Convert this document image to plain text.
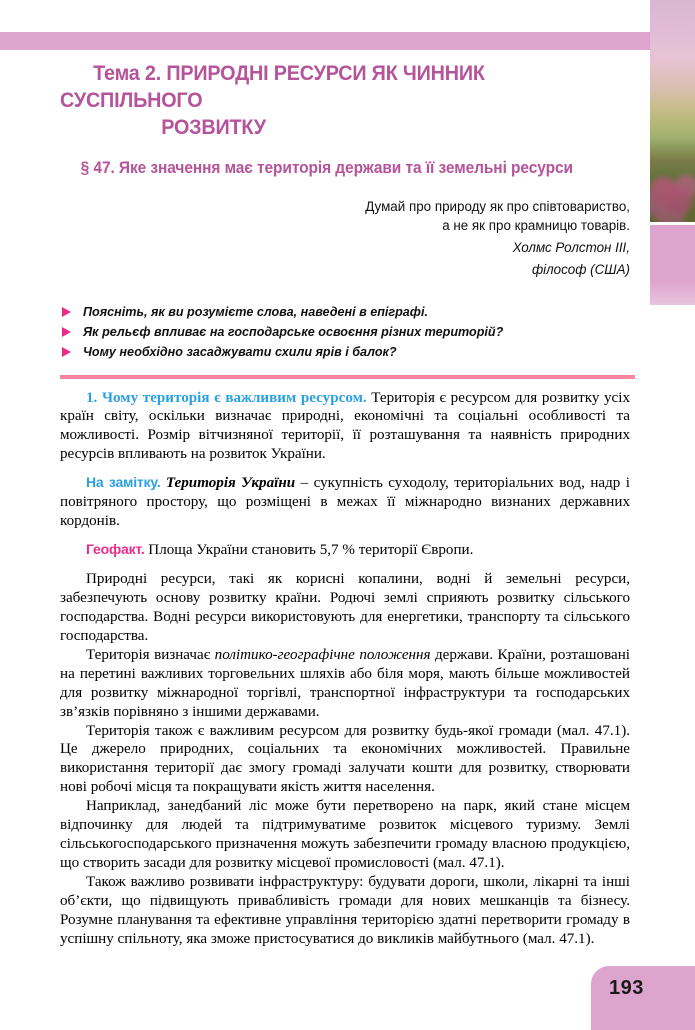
Тема 2. ПРИРОДНІ РЕСУРСИ ЯК ЧИННИК СУСПІЛЬНОГО
РОЗВИТКУ
§ 47. Яке значення має територія держави та її земельні ресурси
Думай про природу як про співтовариство,
а не як про крамницю товарів.
Холмс Ролстон III,
філософ (США)
Поясніть, як ви розумієте слова, наведені в епіграфі.
Як рельєф впливає на господарське освоєння різних територій?
Чому необхідно засаджувати схили ярів і балок?

1. Чому територія є важливим ресурсом. Територія є ресурсом для розвитку усіх країн світу, оскільки визначає природні, економічні та соціальні особливості та можливості. Розмір вітчизняної території, її розташування та наявність природних ресурсів впливають на розвиток України.

На замітку. Територія України – сукупність суходолу, територіальних вод, надр і повітряного простору, що розміщені в межах її міжнародно визнаних державних кордонів.

Геофакт. Площа України становить 5,7 % території Європи.

Природні ресурси, такі як корисні копалини, водні й земельні ресурси, забезпечують основу розвитку країни. Родючі землі сприяють розвитку сільського господарства. Водні ресурси використовують для енергетики, транспорту та сільського господарства.

Територія визначає політико-географічне положення держави. Країни, розташовані на перетині важливих торговельних шляхів або біля моря, мають більше можливостей для розвитку міжнародної торгівлі, транспортної інфраструктури та господарських зв’язків порівняно з іншими державами.

Територія також є важливим ресурсом для розвитку будь-якої громади (мал. 47.1). Це джерело природних, соціальних та економічних можливостей. Правильне використання території дає змогу громаді залучати кошти для розвитку, створювати нові робочі місця та покращувати якість життя населення.

Наприклад, занедбаний ліс може бути перетворено на парк, який стане місцем відпочинку для людей та підтримуватиме розвиток місцевого туризму. Землі сільськогосподарського призначення можуть забезпечити громаду власною продукцією, що створить засади для розвитку місцевої промисловості (мал. 47.1).

Також важливо розвивати інфраструктуру: будувати дороги, школи, лікарні та інші об’єкти, що підвищують привабливість громади для нових мешканців та бізнесу. Розумне планування та ефективне управління територією здатні перетворити громаду в успішну спільноту, яка зможе пристосуватися до викликів майбутнього (мал. 47.1).

193
